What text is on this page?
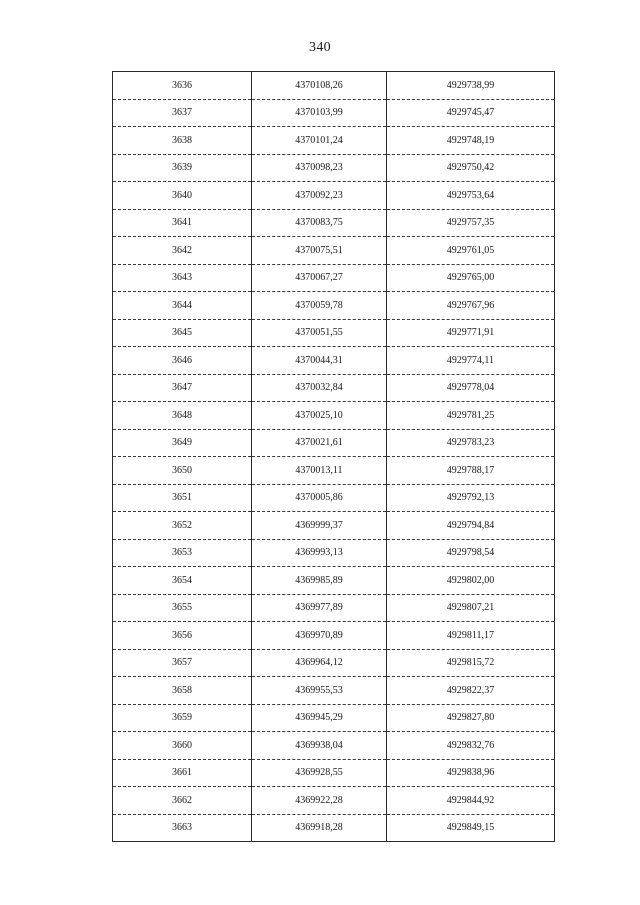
340
3636	4370108,26	4929738,99
3637	4370103,99	4929745,47
3638	4370101,24	4929748,19
3639	4370098,23	4929750,42
3640	4370092,23	4929753,64
3641	4370083,75	4929757,35
3642	4370075,51	4929761,05
3643	4370067,27	4929765,00
3644	4370059,78	4929767,96
3645	4370051,55	4929771,91
3646	4370044,31	4929774,11
3647	4370032,84	4929778,04
3648	4370025,10	4929781,25
3649	4370021,61	4929783,23
3650	4370013,11	4929788,17
3651	4370005,86	4929792,13
3652	4369999,37	4929794,84
3653	4369993,13	4929798,54
3654	4369985,89	4929802,00
3655	4369977,89	4929807,21
3656	4369970,89	4929811,17
3657	4369964,12	4929815,72
3658	4369955,53	4929822,37
3659	4369945,29	4929827,80
3660	4369938,04	4929832,76
3661	4369928,55	4929838,96
3662	4369922,28	4929844,92
3663	4369918,28	4929849,15
